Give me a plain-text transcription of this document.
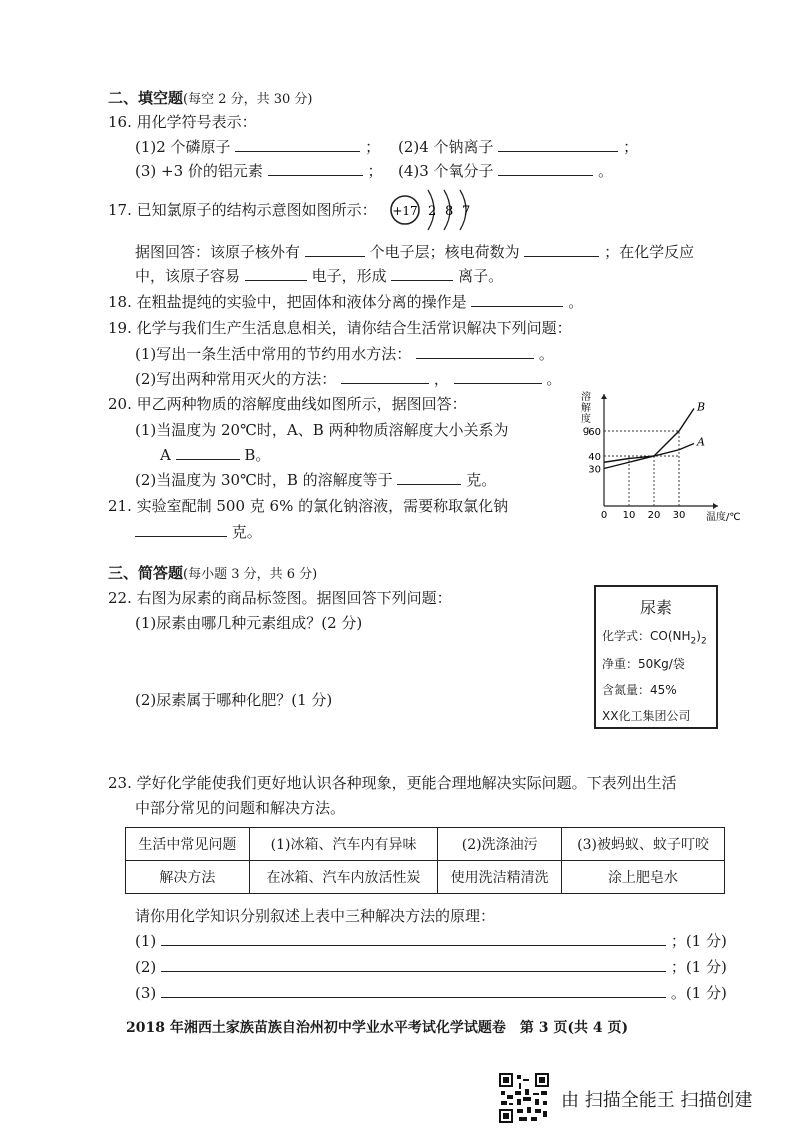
二、填空题(每空 2 分，共 30 分)
16. 用化学符号表示：
(1)2 个磷原子	； (2)4 个钠离子	；
(3) +3 价的铝元素	； (4)3 个氧分子	。
17. 已知氯原子的结构示意图如图所示： +17 2 8 7
据图回答：该原子核外有	个电子层；核电荷数为	；在化学反应
中，该原子容易	电子，形成	离子。
18. 在粗盐提纯的实验中，把固体和液体分离的操作是	。
19. 化学与我们生产生活息息相关，请你结合生活常识解决下列问题：
(1)写出一条生活中常用的节约用水方法：	。
(2)写出两种常用灭火的方法：	，	。
20. 甲乙两种物质的溶解度曲线如图所示，据图回答：
(1)当温度为 20℃时，A、B 两种物质溶解度大小关系为
A	B。
(2)当温度为 30℃时，B 的溶解度等于	克。
溶
解
度
g
温度/℃
0 10 20 30
30
40
60
B
A
21. 实验室配制 500 克 6% 的氯化钠溶液，需要称取氯化钠
克。
三、简答题(每小题 3 分，共 6 分)
22. 右图为尿素的商品标签图。据图回答下列问题：
(1)尿素由哪几种元素组成？(2 分)
(2)尿素属于哪种化肥？(1 分)
尿素
化学式：$CO(NH_2)_2$
净重：50Kg/袋
含氮量：45%
XX化工集团公司
23. 学好化学能使我们更好地认识各种现象，更能合理地解决实际问题。下表列出生活
中部分常见的问题和解决方法。
生活中常见问题	(1)冰箱、汽车内有异味	(2)洗涤油污	(3)被蚂蚁、蚊子叮咬
解决方法	在冰箱、汽车内放活性炭	使用洗洁精清洗	涂上肥皂水
请你用化学知识分别叙述上表中三种解决方法的原理：
(1)	；(1 分)
(2)	；(1 分)
(3)	。(1 分)
2018 年湘西土家族苗族自治州初中学业水平考试化学试题卷　第 3 页(共 4 页)
由 扫描全能王 扫描创建
